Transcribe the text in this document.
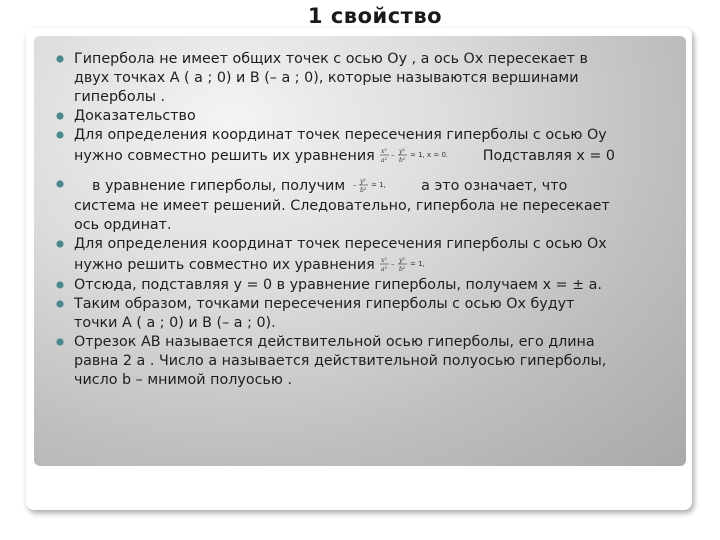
1 свойство
Гипербола не имеет общих точек с осью Оу , а ось Ох пересекает в
двух точках А ( а ; 0) и В (– а ; 0), которые называются вершинами
гиперболы .
Доказательство
Для определения координат точек пересечения гиперболы с осью Оу
нужно совместно решить их уравнения x²
a²
– y²
b²
= 1, x = 0. Подставляя х = 0
в уравнение гиперболы, получим – y²
b²
= 1, а это означает, что
система не имеет решений. Следовательно, гипербола не пересекает
ось ординат.
Для определения координат точек пересечения гиперболы с осью Ох
нужно решить совместно их уравнения x²
a²
– y²
b²
= 1,
Отсюда, подставляя у = 0 в уравнение гиперболы, получаем х = ± а.
Таким образом, точками пересечения гиперболы с осью Ох будут
точки А ( а ; 0) и В (– а ; 0).
Отрезок АВ называется действительной осью гиперболы, его длина
равна 2 а . Число а называется действительной полуосью гиперболы,
число b – мнимой полуосью .
